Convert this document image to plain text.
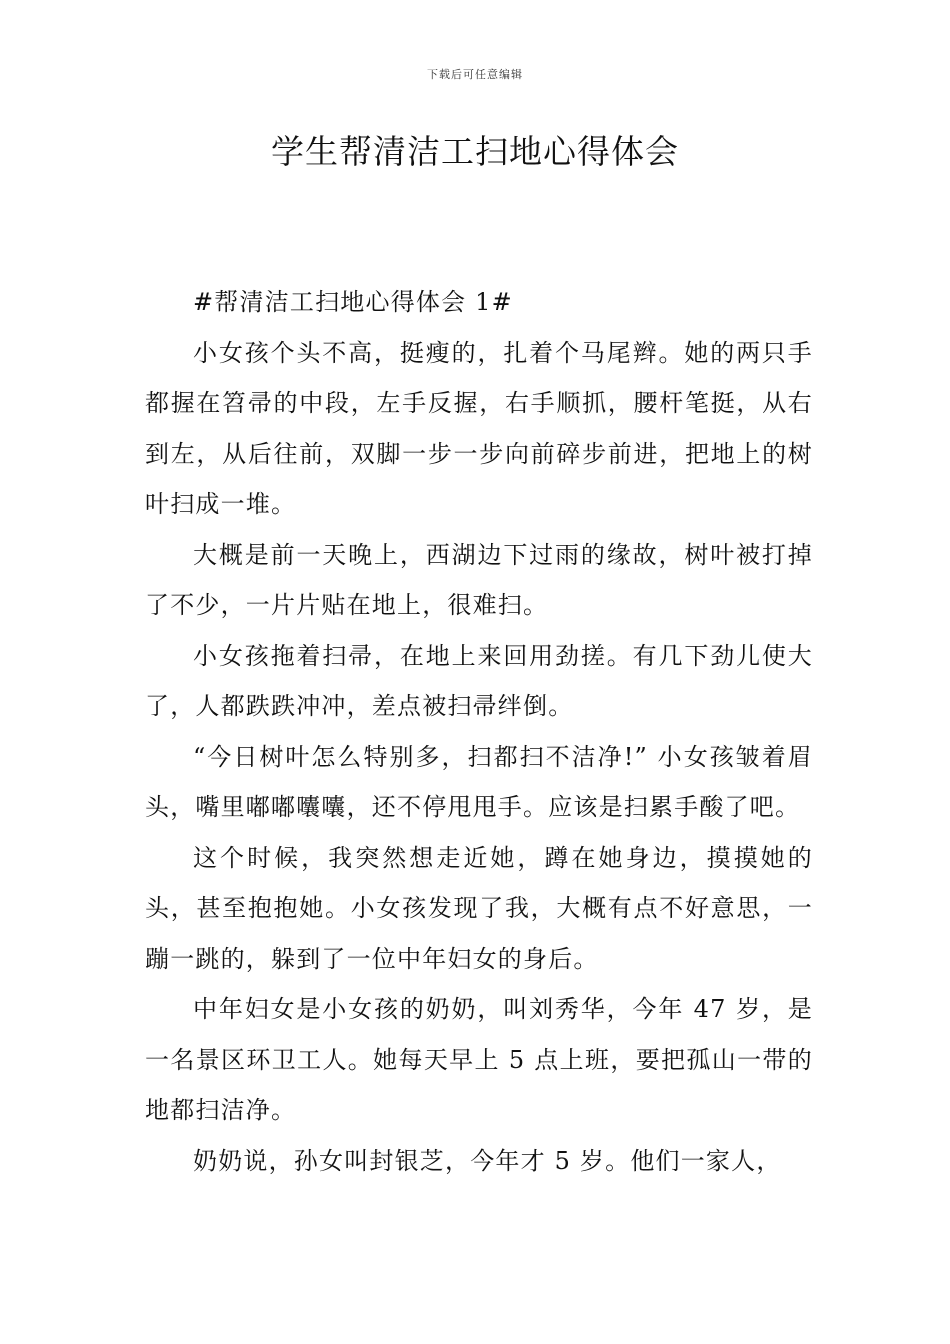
下载后可任意编辑
学生帮清洁工扫地心得体会

#帮清洁工扫地心得体会 1#

小女孩个头不高，挺瘦的，扎着个马尾辫。她的两只手都握在笤帚的中段，左手反握，右手顺抓，腰杆笔挺，从右到左，从后往前，双脚一步一步向前碎步前进，把地上的树叶扫成一堆。

大概是前一天晚上，西湖边下过雨的缘故，树叶被打掉了不少，一片片贴在地上，很难扫。

小女孩拖着扫帚，在地上来回用劲搓。有几下劲儿使大了，人都跌跌冲冲，差点被扫帚绊倒。

“今日树叶怎么特别多，扫都扫不洁净!” 小女孩皱着眉头，嘴里嘟嘟囔囔，还不停甩甩手。应该是扫累手酸了吧。

这个时候，我突然想走近她，蹲在她身边，摸摸她的头，甚至抱抱她。小女孩发现了我，大概有点不好意思，一蹦一跳的，躲到了一位中年妇女的身后。

中年妇女是小女孩的奶奶，叫刘秀华，今年 47 岁，是一名景区环卫工人。她每天早上 5 点上班，要把孤山一带的地都扫洁净。

奶奶说，孙女叫封银芝，今年才 5 岁。他们一家人，
